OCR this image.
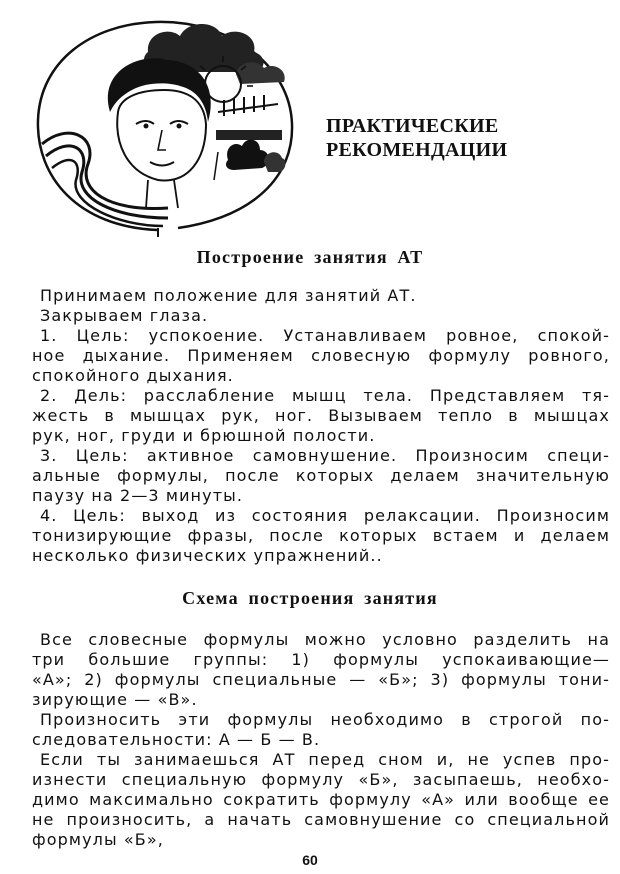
ПРАКТИЧЕСКИЕ
РЕКОМЕНДАЦИИ
Построение занятия АТ
Принимаем положение для занятий АТ.
Закрываем глаза.
1. Цель: успокоение. Устанавливаем ровное, спокой-
ное дыхание. Применяем словесную формулу ровного,
спокойного дыхания.
2. Дель: расслабление мышц тела. Представляем тя-
жесть в мышцах рук, ног. Вызываем тепло в мышцах
рук, ног, груди и брюшной полости.
3. Цель: активное самовнушение. Произносим специ-
альные формулы, после которых делаем значительную
паузу на 2—3 минуты.
4. Цель: выход из состояния релаксации. Произносим
тонизирующие фразы, после которых встаем и делаем
несколько физических упражнений..
Схема построения занятия
Все словесные формулы можно условно разделить на
три большие группы: 1) формулы успокаивающие—
«А»; 2) формулы специальные — «Б»; 3) формулы тони-
зирующие — «В».
Произносить эти формулы необходимо в строгой по-
следовательности: А — Б — В.
Если ты занимаешься АТ перед сном и, не успев про-
изнести специальную формулу «Б», засыпаешь, необхо-
димо максимально сократить формулу «А» или вообще ее
не произносить, а начать самовнушение со специальной
формулы «Б»,
60
